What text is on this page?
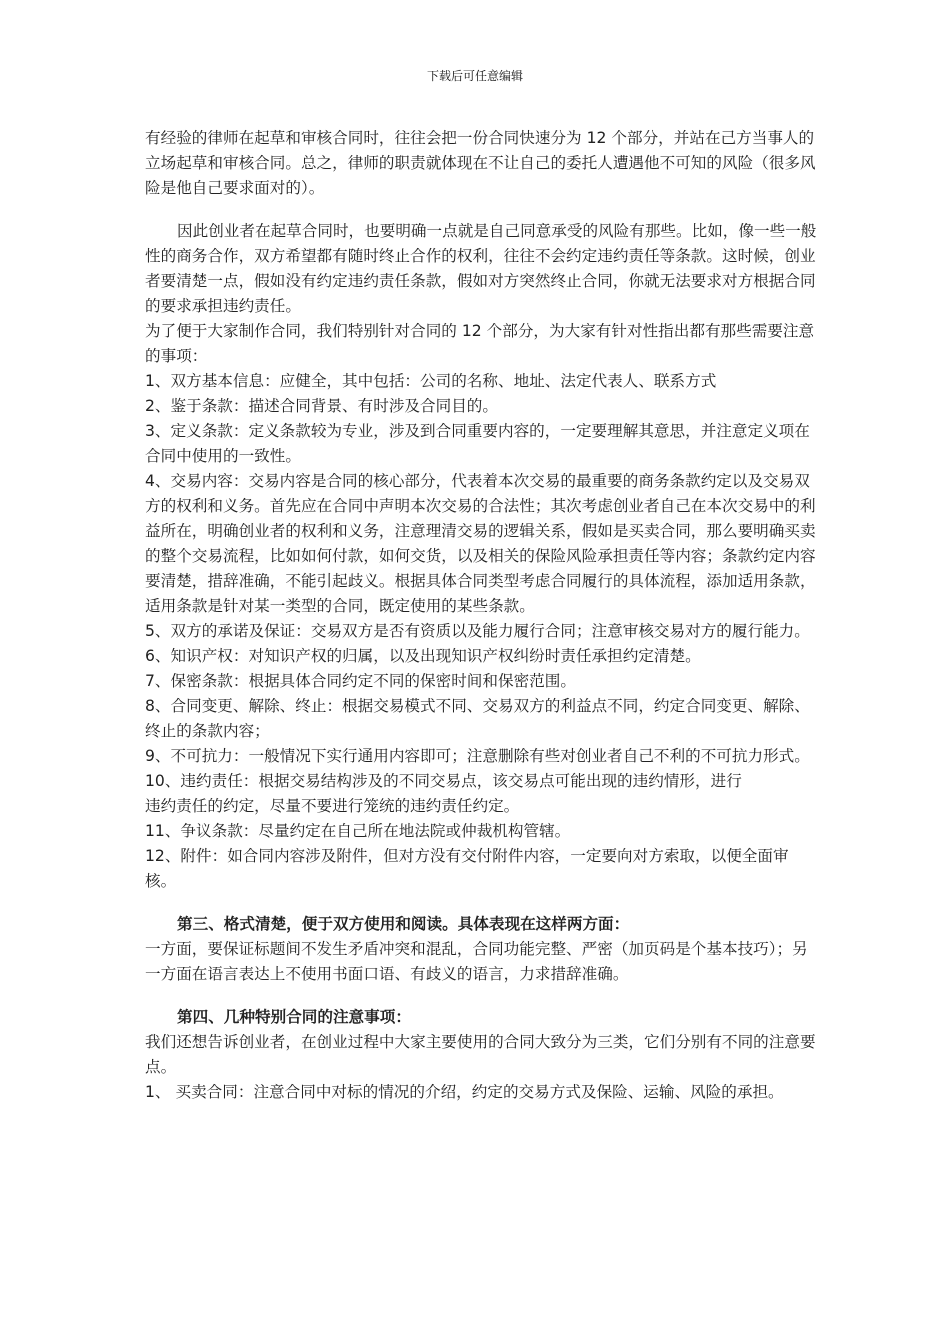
下载后可任意编辑

有经验的律师在起草和审核合同时，往往会把一份合同快速分为 12 个部分，并站在己方当事人的立场起草和审核合同。总之，律师的职责就体现在不让自己的委托人遭遇他不可知的风险（很多风险是他自己要求面对的）。

因此创业者在起草合同时，也要明确一点就是自己同意承受的风险有那些。比如，像一些一般性的商务合作，双方希望都有随时终止合作的权利，往往不会约定违约责任等条款。这时候，创业者要清楚一点，假如没有约定违约责任条款，假如对方突然终止合同，你就无法要求对方根据合同的要求承担违约责任。

为了便于大家制作合同，我们特别针对合同的 12 个部分，为大家有针对性指出都有那些需要注意的事项：

1、双方基本信息：应健全，其中包括：公司的名称、地址、法定代表人、联系方式

2、鉴于条款：描述合同背景、有时涉及合同目的。

3、定义条款：定义条款较为专业，涉及到合同重要内容的，一定要理解其意思，并注意定义项在合同中使用的一致性。

4、交易内容：交易内容是合同的核心部分，代表着本次交易的最重要的商务条款约定以及交易双方的权利和义务。首先应在合同中声明本次交易的合法性；其次考虑创业者自己在本次交易中的利益所在，明确创业者的权利和义务，注意理清交易的逻辑关系，假如是买卖合同，那么要明确买卖的整个交易流程，比如如何付款，如何交货，以及相关的保险风险承担责任等内容；条款约定内容要清楚，措辞准确，不能引起歧义。根据具体合同类型考虑合同履行的具体流程，添加适用条款，适用条款是针对某一类型的合同，既定使用的某些条款。

5、双方的承诺及保证：交易双方是否有资质以及能力履行合同；注意审核交易对方的履行能力。

6、知识产权：对知识产权的归属，以及出现知识产权纠纷时责任承担约定清楚。

7、保密条款：根据具体合同约定不同的保密时间和保密范围。

8、合同变更、解除、终止：根据交易模式不同、交易双方的利益点不同，约定合同变更、解除、终止的条款内容；

9、不可抗力：一般情况下实行通用内容即可；注意删除有些对创业者自己不利的不可抗力形式。

10、违约责任：根据交易结构涉及的不同交易点，该交易点可能出现的违约情形，进行

违约责任的约定，尽量不要进行笼统的违约责任约定。

11、争议条款：尽量约定在自己所在地法院或仲裁机构管辖。

12、附件：如合同内容涉及附件，但对方没有交付附件内容，一定要向对方索取，以便全面审核。

第三、格式清楚，便于双方使用和阅读。具体表现在这样两方面：

一方面，要保证标题间不发生矛盾冲突和混乱，合同功能完整、严密（加页码是个基本技巧）；另一方面在语言表达上不使用书面口语、有歧义的语言，力求措辞准确。

第四、几种特别合同的注意事项：

我们还想告诉创业者，在创业过程中大家主要使用的合同大致分为三类，它们分别有不同的注意要点。

1、 买卖合同：注意合同中对标的情况的介绍，约定的交易方式及保险、运输、风险的承担。
